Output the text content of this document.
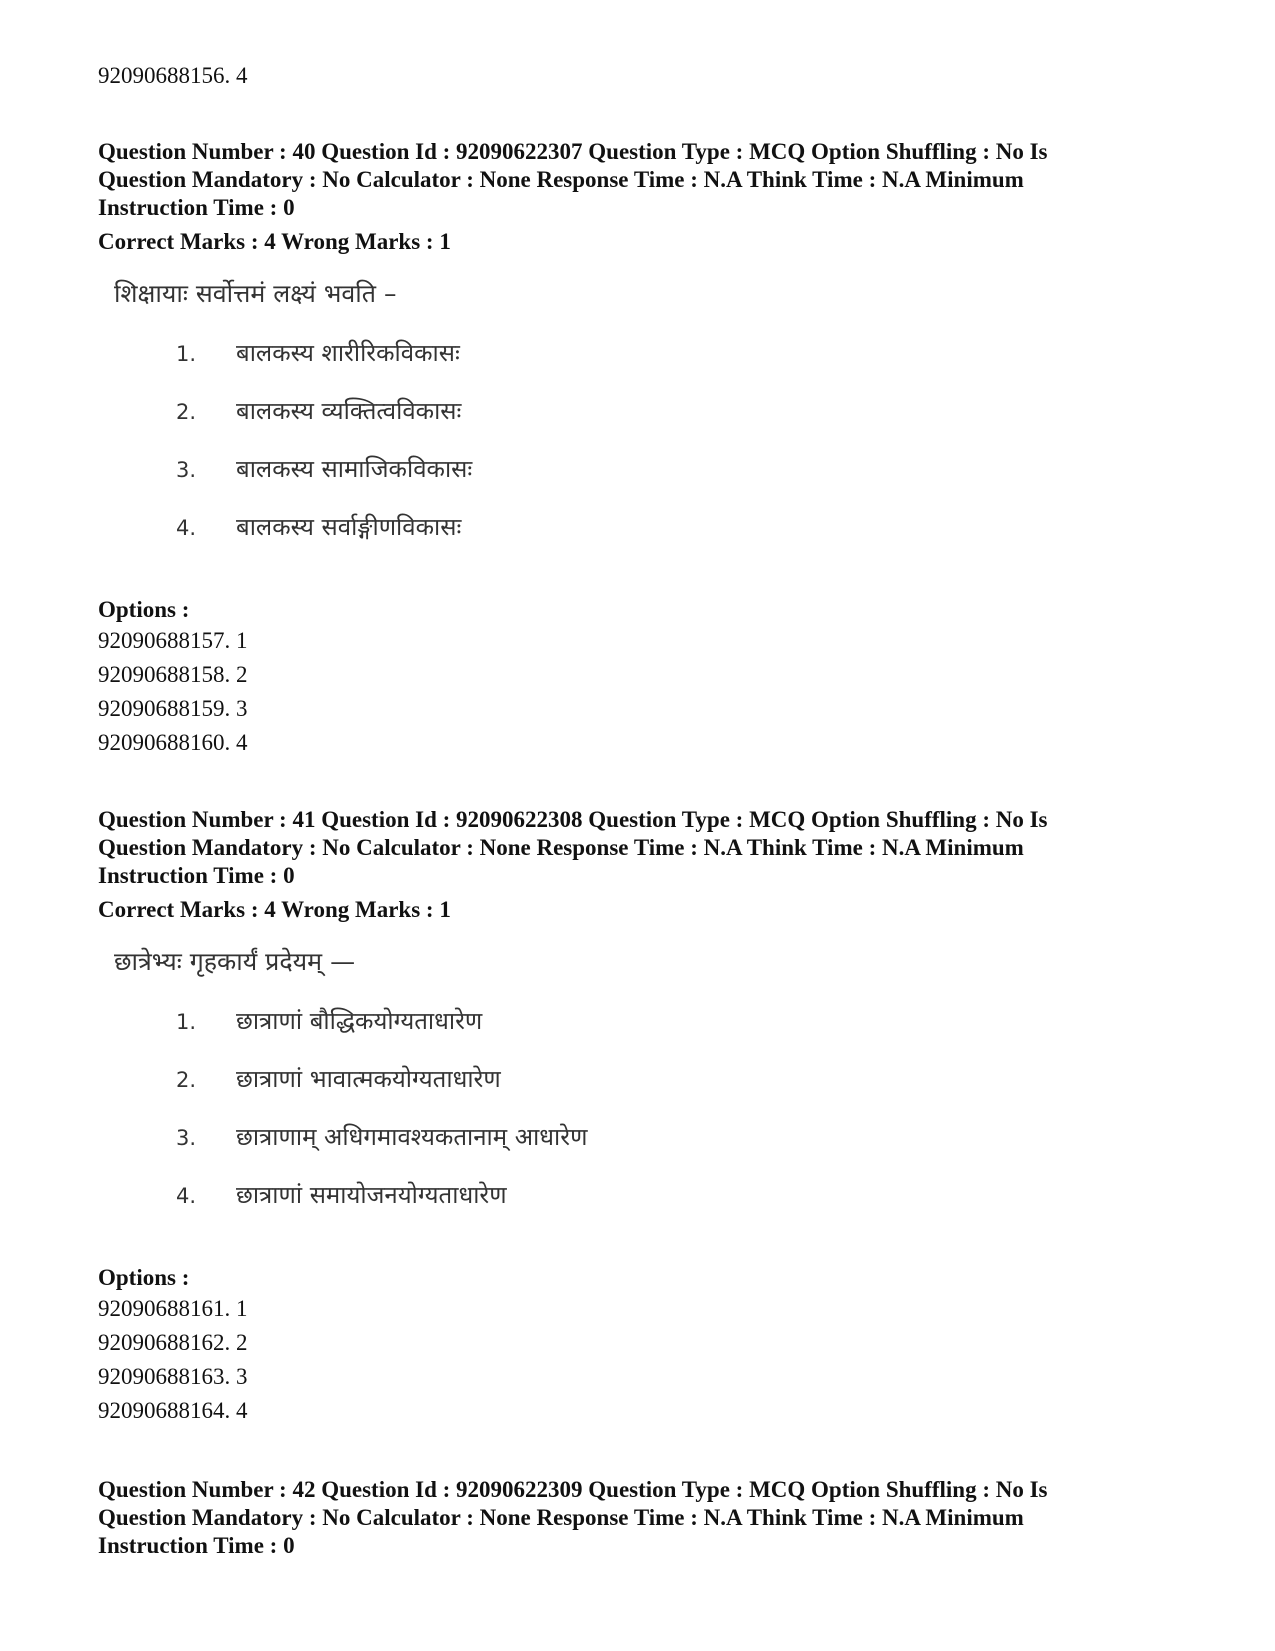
92090688156. 4

Question Number : 40 Question Id : 92090622307 Question Type : MCQ Option Shuffling : No Is
Question Mandatory : No Calculator : None Response Time : N.A Think Time : N.A Minimum
Instruction Time : 0
Correct Marks : 4 Wrong Marks : 1
शिक्षायाः सर्वोत्तमं लक्ष्यं भवति –
1. बालकस्य शारीरिकविकासः
2. बालकस्य व्यक्तित्वविकासः
3. बालकस्य सामाजिकविकासः
4. बालकस्य सर्वाङ्गीणविकासः
Options :
92090688157. 1
92090688158. 2
92090688159. 3
92090688160. 4
Question Number : 41 Question Id : 92090622308 Question Type : MCQ Option Shuffling : No Is
Question Mandatory : No Calculator : None Response Time : N.A Think Time : N.A Minimum
Instruction Time : 0
Correct Marks : 4 Wrong Marks : 1
छात्रेभ्यः गृहकार्यं प्रदेयम् —
1. छात्राणां बौद्धिकयोग्यताधारेण
2. छात्राणां भावात्मकयोग्यताधारेण
3. छात्राणाम् अधिगमावश्यकतानाम् आधारेण
4. छात्राणां समायोजनयोग्यताधारेण
Options :
92090688161. 1
92090688162. 2
92090688163. 3
92090688164. 4
Question Number : 42 Question Id : 92090622309 Question Type : MCQ Option Shuffling : No Is
Question Mandatory : No Calculator : None Response Time : N.A Think Time : N.A Minimum
Instruction Time : 0
